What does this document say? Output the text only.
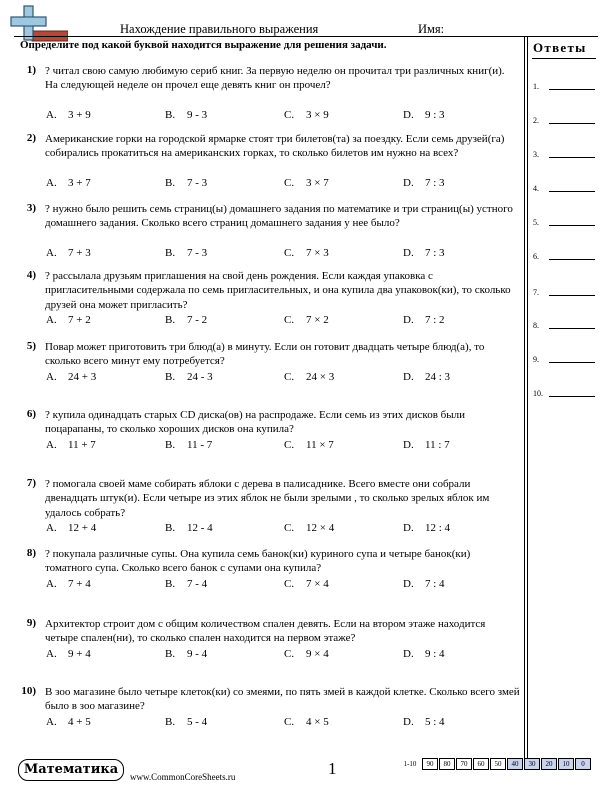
Нахождение правильного выражения	Имя:
Определите под какой буквой находится выражение для решения задачи.	Ответы
1.
2.
3.
4.
5.
6.
7.
8.
9.
10.
1) ? читал свою самую любимую сериб книг. За первую неделю он прочитал три различных книг(и). На следующей неделе он прочел еще девять книг он прочел?
A. 3 + 9	B. 9 - 3	C. 3 × 9	D. 9 : 3
2) Американские горки на городской ярмарке стоят три билетов(та) за поездку. Если семь друзей(га) собирались прокатиться на американских горках, то сколько билетов им нужно на всех?
A. 3 + 7	B. 7 - 3	C. 3 × 7	D. 7 : 3
3) ? нужно было решить семь страниц(ы) домашнего задания по математике и три страниц(ы) устного домашнего задания. Сколько всего страниц домашнего задания у нее было?
A. 7 + 3	B. 7 - 3	C. 7 × 3	D. 7 : 3
4) ? рассылала друзьям приглашения на свой день рождения. Если каждая упаковка с пригласительными содержала по семь пригласительных, и она купила два упаковок(ки), то сколько друзей она может пригласить?
A. 7 + 2	B. 7 - 2	C. 7 × 2	D. 7 : 2
5) Повар может приготовить три блюд(а) в минуту. Если он готовит двадцать четыре блюд(а), то сколько всего минут ему потребуется?
A. 24 + 3	B. 24 - 3	C. 24 × 3	D. 24 : 3
6) ? купила одинадцать старых CD диска(ов) на распродаже. Если семь из этих дисков были поцарапаны, то сколько хороших дисков она купила?
A. 11 + 7	B. 11 - 7	C. 11 × 7	D. 11 : 7
7) ? помогала своей маме собирать яблоки с дерева в палисаднике. Всего вместе они собрали двенадцать штук(и). Если четыре из этих яблок не были зрелыми , то сколько зрелых яблок им удалось собрать?
A. 12 + 4	B. 12 - 4	C. 12 × 4	D. 12 : 4
8) ? покупала различные супы. Она купила семь банок(ки) куриного супа и четыре банок(ки) томатного супа. Сколько всего банок с супами она купила?
A. 7 + 4	B. 7 - 4	C. 7 × 4	D. 7 : 4
9) Архитектор строит дом с общим количеством спален девять. Если на втором этаже находится четыре спален(ни), то сколько спален находится на первом этаже?
A. 9 + 4	B. 9 - 4	C. 9 × 4	D. 9 : 4
10) В зоо магазине было четыре клеток(ки) со змеями, по пять змей в каждой клетке. Сколько всего змей было в зоо магазине?
A. 4 + 5	B. 5 - 4	C. 4 × 5	D. 5 : 4
Математика	www.CommonCoreSheets.ru	1	1-10	90	80	70	60	50	40	30	20	10	0
